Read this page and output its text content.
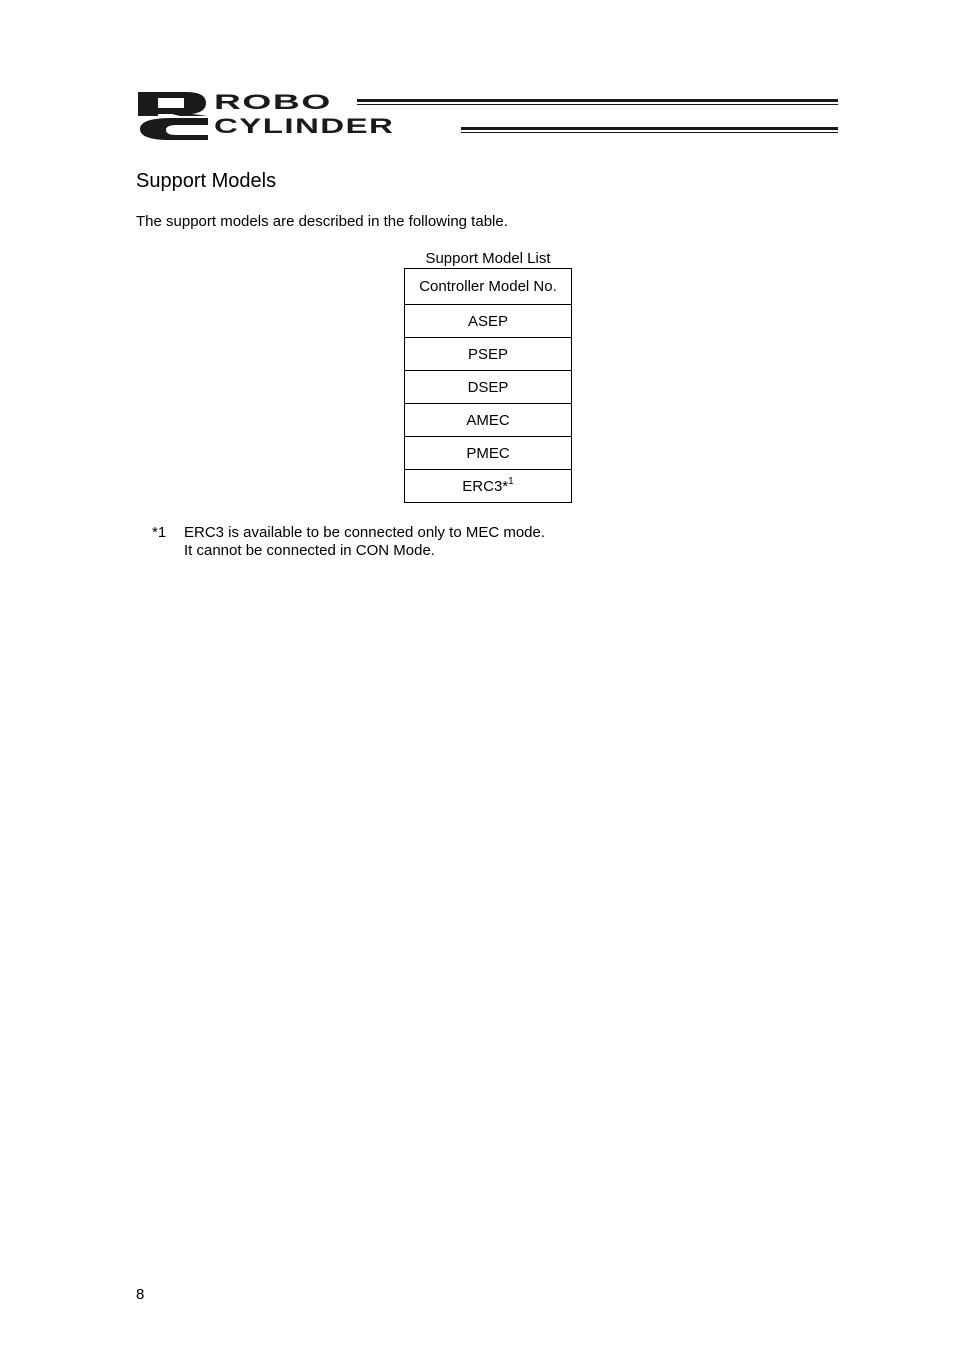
ROBO
CYLINDER
Support Models

The support models are described in the following table.

Support Model List
Controller Model No.
ASEP
PSEP
DSEP
AMEC
PMEC
ERC3*$^1$
*1	ERC3 is available to be connected only to MEC mode.
It cannot be connected in CON Mode.
8
